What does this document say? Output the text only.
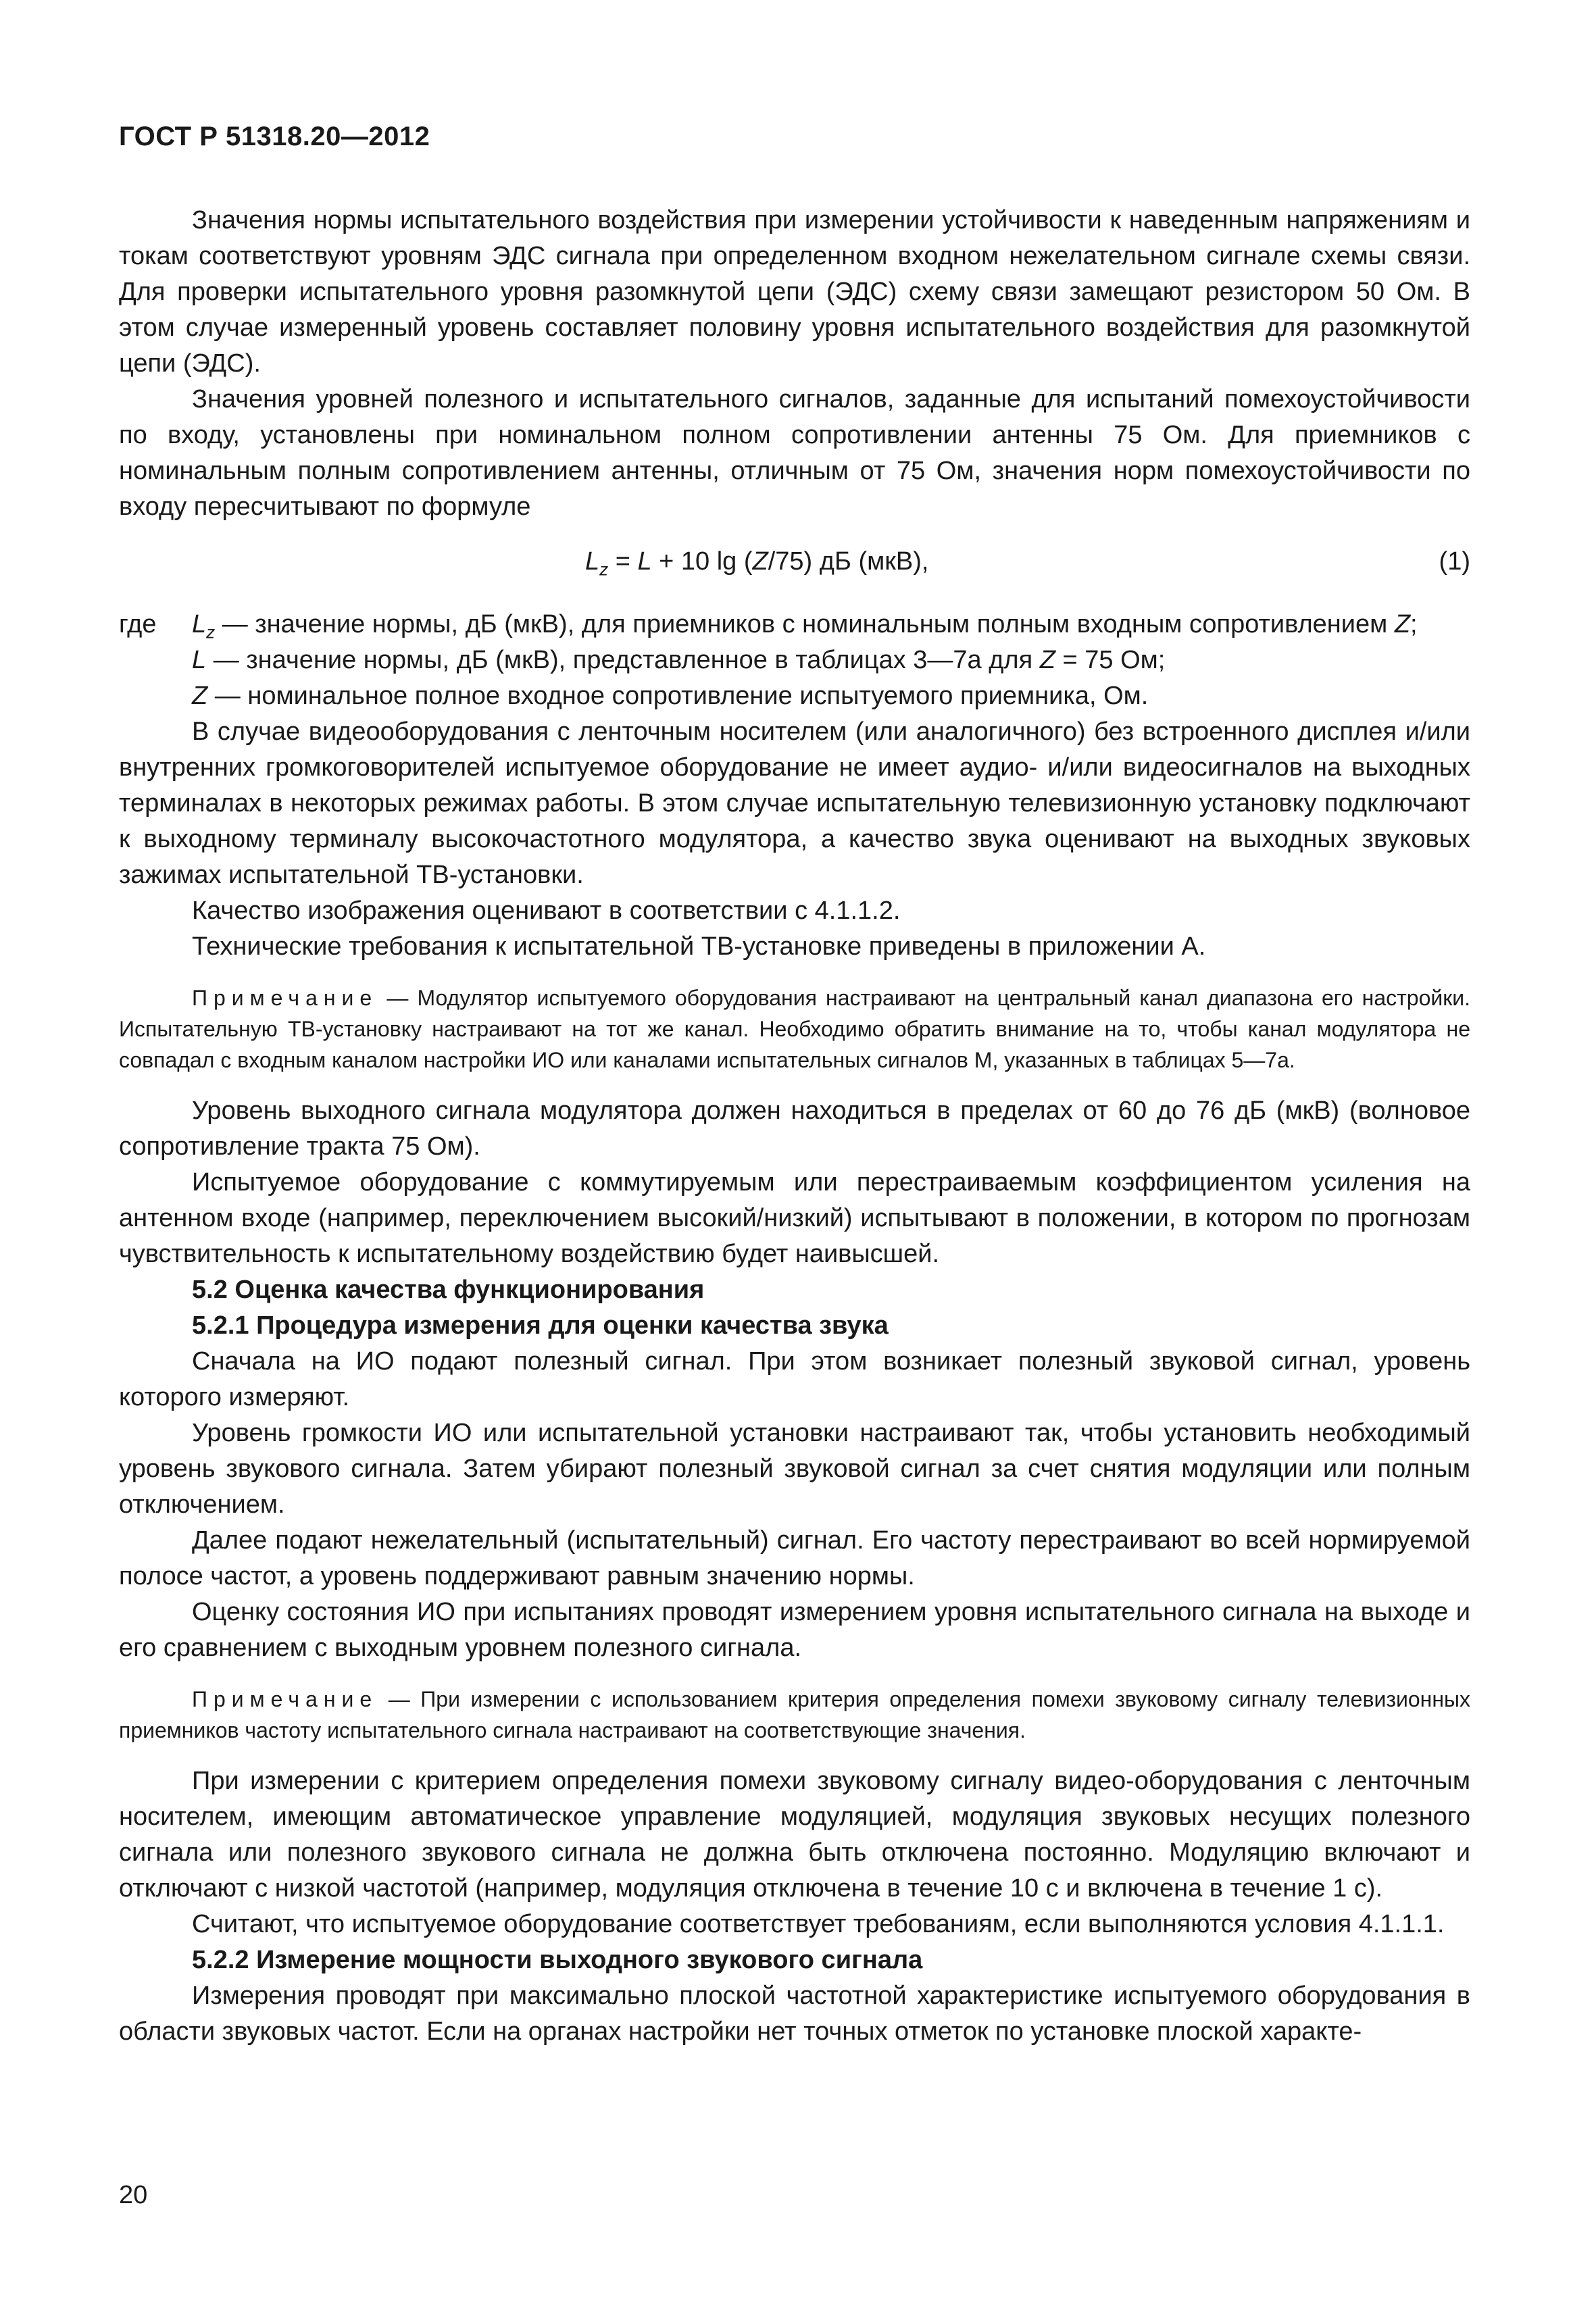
ГОСТ Р 51318.20—2012

Значения нормы испытательного воздействия при измерении устойчивости к наведенным напряжениям и токам соответствуют уровням ЭДС сигнала при определенном входном нежелательном сигнале схемы связи. Для проверки испытательного уровня разомкнутой цепи (ЭДС) схему связи замещают резистором 50 Ом. В этом случае измеренный уровень составляет половину уровня испытательного воздействия для разомкнутой цепи (ЭДС).

Значения уровней полезного и испытательного сигналов, заданные для испытаний помехоустойчивости по входу, установлены при номинальном полном сопротивлении антенны 75 Ом. Для приемников с номинальным полным сопротивлением антенны, отличным от 75 Ом, значения норм помехоустойчивости по входу пересчитывают по формуле

$L_z = L + 10$ lg (Z/75) дБ (мкВ),	(1)
где	$L_z$ — значение нормы, дБ (мкВ), для приемников с номинальным полным входным сопротивлением Z;
L — значение нормы, дБ (мкВ), представленное в таблицах 3—7а для Z = 75 Ом;
Z — номинальное полное входное сопротивление испытуемого приемника, Ом.

В случае видеооборудования с ленточным носителем (или аналогичного) без встроенного дисплея и/или внутренних громкоговорителей испытуемое оборудование не имеет аудио- и/или видеосигналов на выходных терминалах в некоторых режимах работы. В этом случае испытательную телевизионную установку подключают к выходному терминалу высокочастотного модулятора, а качество звука оценивают на выходных звуковых зажимах испытательной ТВ-установки.

Качество изображения оценивают в соответствии с 4.1.1.2.

Технические требования к испытательной ТВ-установке приведены в приложении А.

Примечание — Модулятор испытуемого оборудования настраивают на центральный канал диапазона его настройки. Испытательную ТВ-установку настраивают на тот же канал. Необходимо обратить внимание на то, чтобы канал модулятора не совпадал с входным каналом настройки ИО или каналами испытательных сигналов М, указанных в таблицах 5—7а.

Уровень выходного сигнала модулятора должен находиться в пределах от 60 до 76 дБ (мкВ) (волновое сопротивление тракта 75 Ом).

Испытуемое оборудование с коммутируемым или перестраиваемым коэффициентом усиления на антенном входе (например, переключением высокий/низкий) испытывают в положении, в котором по прогнозам чувствительность к испытательному воздействию будет наивысшей.

5.2 Оценка качества функционирования
5.2.1 Процедура измерения для оценки качества звука

Сначала на ИО подают полезный сигнал. При этом возникает полезный звуковой сигнал, уровень которого измеряют.

Уровень громкости ИО или испытательной установки настраивают так, чтобы установить необходимый уровень звукового сигнала. Затем убирают полезный звуковой сигнал за счет снятия модуляции или полным отключением.

Далее подают нежелательный (испытательный) сигнал. Его частоту перестраивают во всей нормируемой полосе частот, а уровень поддерживают равным значению нормы.

Оценку состояния ИО при испытаниях проводят измерением уровня испытательного сигнала на выходе и его сравнением с выходным уровнем полезного сигнала.

Примечание — При измерении с использованием критерия определения помехи звуковому сигналу телевизионных приемников частоту испытательного сигнала настраивают на соответствующие значения.

При измерении с критерием определения помехи звуковому сигналу видео-оборудования с ленточным носителем, имеющим автоматическое управление модуляцией, модуляция звуковых несущих полезного сигнала или полезного звукового сигнала не должна быть отключена постоянно. Модуляцию включают и отключают с низкой частотой (например, модуляция отключена в течение 10 с и включена в течение 1 с).

Считают, что испытуемое оборудование соответствует требованиям, если выполняются условия 4.1.1.1.

5.2.2 Измерение мощности выходного звукового сигнала

Измерения проводят при максимально плоской частотной характеристике испытуемого оборудования в области звуковых частот. Если на органах настройки нет точных отметок по установке плоской характе-

20
